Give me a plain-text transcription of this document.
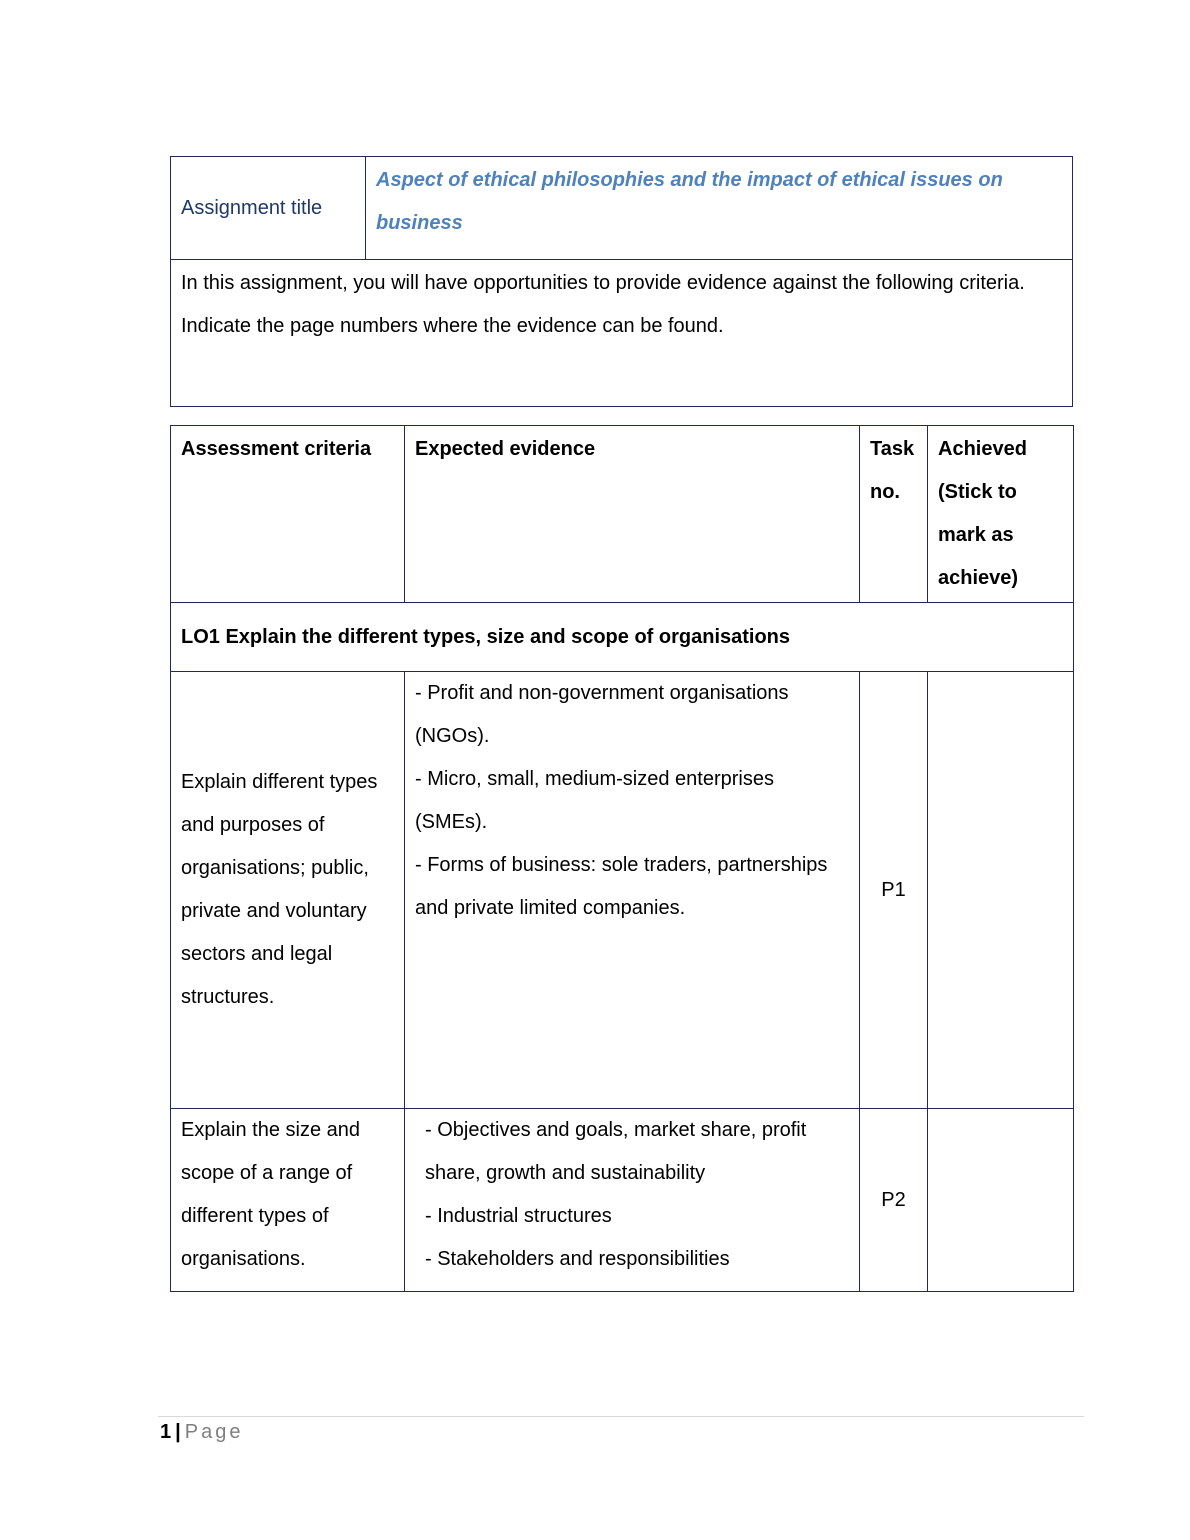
Assignment title	Aspect of ethical philosophies and the impact of ethical issues on business

In this assignment, you will have opportunities to provide evidence against the following criteria.

Indicate the page numbers where the evidence can be found.

Assessment criteria	Expected evidence	Task no.	Achieved (Stick to mark as achieve)
LO1 Explain the different types, size and scope of organisations			
Explain different types and purposes of organisations; public, private and voluntary sectors and legal structures.	- Profit and non-government organisations (NGOs).

- Micro, small, medium-sized enterprises (SMEs).

- Forms of business: sole traders, partnerships and private limited companies.	P1	
Explain the size and scope of a range of different types of organisations.	- Objectives and goals, market share, profit share, growth and sustainability

- Industrial structures

- Stakeholders and responsibilities	P2	
1 | Page
